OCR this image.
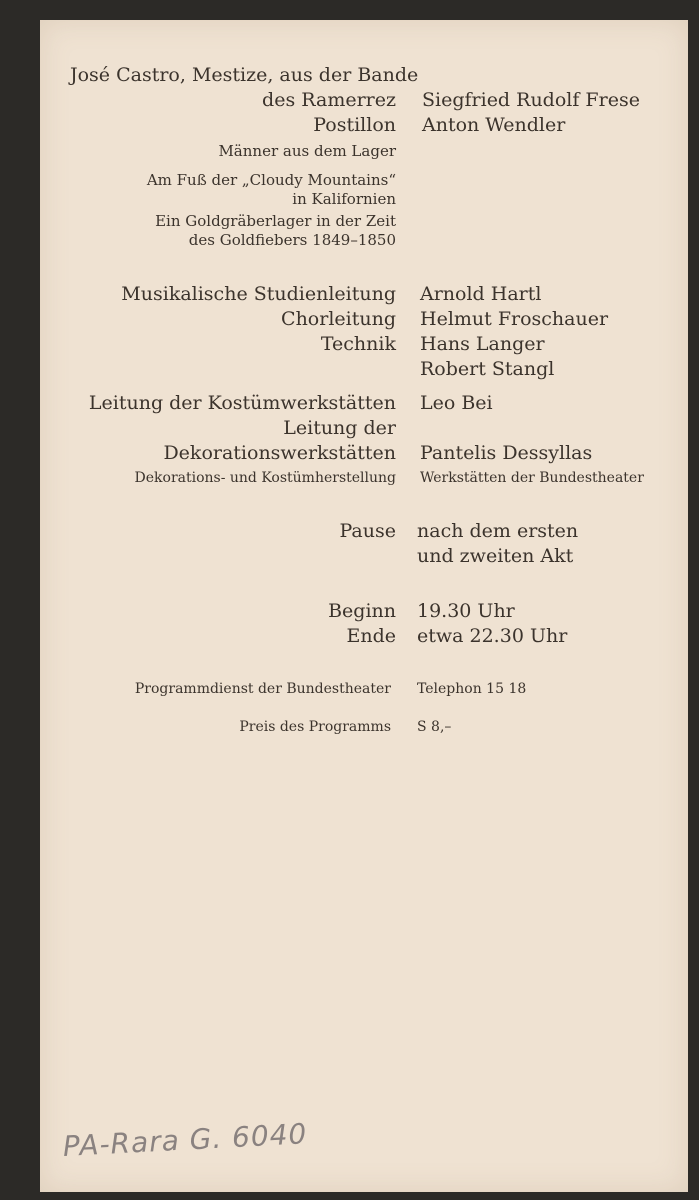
José Castro, Mestize, aus der Bande
des Ramerrez Siegfried Rudolf Frese
Postillon Anton Wendler
Männer aus dem Lager
Am Fuß der „Cloudy Mountains“
in Kalifornien
Ein Goldgräberlager in der Zeit
des Goldfiebers 1849–1850
Musikalische Studienleitung Arnold Hartl
Chorleitung Helmut Froschauer
Technik Hans Langer
Robert Stangl
Leitung der Kostümwerkstätten Leo Bei
Leitung der
Dekorationswerkstätten Pantelis Dessyllas
Dekorations- und Kostümherstellung Werkstätten der Bundestheater
Pause nach dem ersten
und zweiten Akt
Beginn 19.30 Uhr
Ende etwa 22.30 Uhr
Programmdienst der Bundestheater Telephon 15 18
Preis des Programms S 8,–
PA-Rara G. 6040
